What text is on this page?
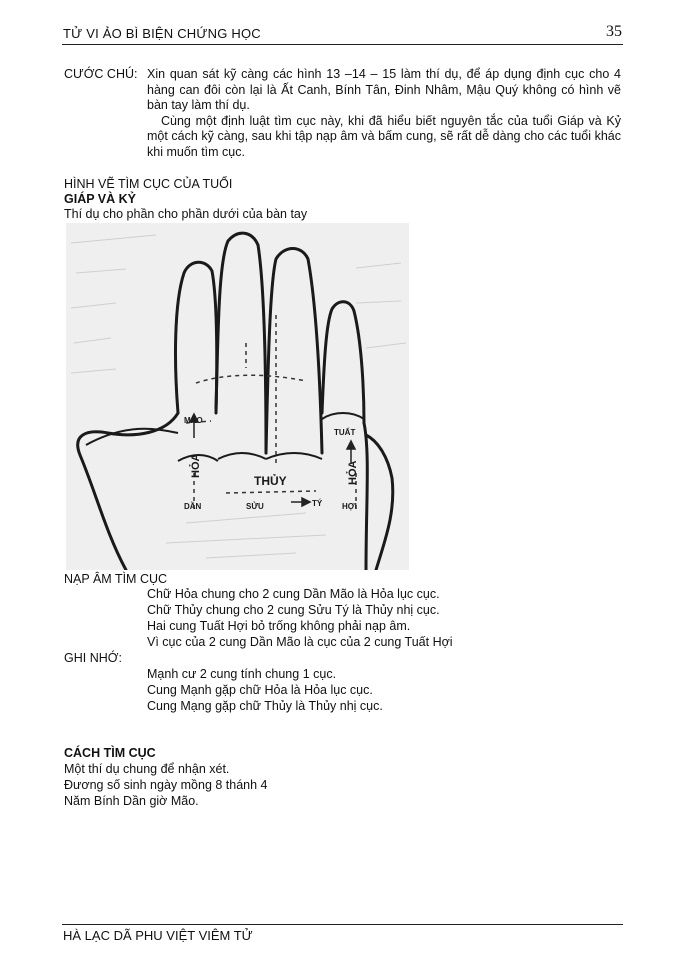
TỬ VI ẢO BÌ BIỆN CHỨNG HỌC	35
CƯỚC CHÚ: Xin quan sát kỹ càng các hình 13 –14 – 15 làm thí dụ, để áp dụng định cục cho 4 hàng can đôi còn lại là Ất Canh, Bính Tân, Đinh Nhâm, Mậu Quý không có hình vẽ bàn tay làm thí dụ.

Cùng một định luật tìm cục này, khi đã hiểu biết nguyên tắc của tuổi Giáp và Kỷ một cách kỹ càng, sau khi tập nạp âm và bấm cung, sẽ rất dễ dàng cho các tuổi khác khi muốn tìm cục.

HÌNH VẼ TÌM CỤC CỦA TUỔI
GIÁP VÀ KỶ
Thí dụ cho phần cho phần dưới của bàn tay
MÃO
DẦN
HỎA
THỦY
SỬU	TÝ
TUẤT
HỎA
HỢI
NẠP ÂM TÌM CỤC
Chữ Hỏa chung cho 2 cung Dần Mão là Hỏa lục cục.
Chữ Thủy chung cho 2 cung Sửu Tý là Thủy nhị cục.
Hai cung Tuất Hợi bỏ trống không phải nạp âm.
Vì cục của 2 cung Dần Mão là cục của 2 cung Tuất Hợi
GHI NHỚ:
Mạnh cư 2 cung tính chung 1 cục.
Cung Mạnh gặp chữ Hỏa là Hỏa lục cục.
Cung Mạng gặp chữ Thủy là Thủy nhị cục.
CÁCH TÌM CỤC
Một thí dụ chung để nhận xét.
Đương số sinh ngày mồng 8 thánh 4
Năm Bính Dần giờ Mão.
HÀ LẠC DÃ PHU VIỆT VIÊM TỬ
